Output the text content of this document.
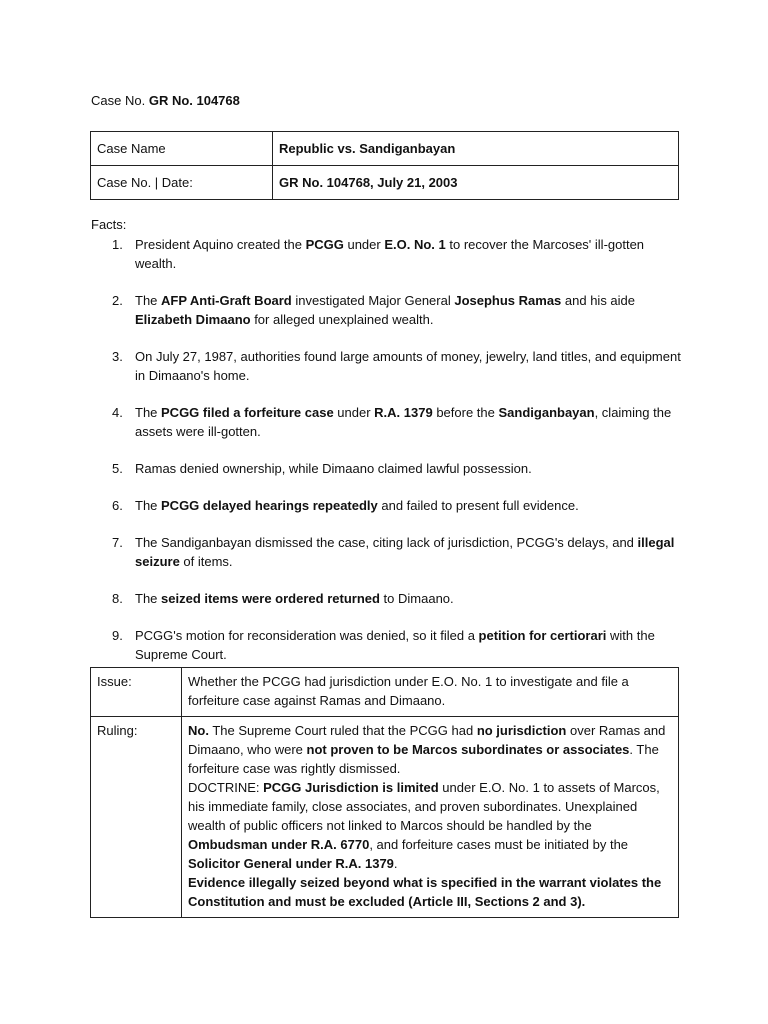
Case No. GR No. 104768
Case Name	Republic vs. Sandiganbayan
Case No. | Date:	GR No. 104768, July 21, 2003
Facts:
1. President Aquino created the PCGG under E.O. No. 1 to recover the Marcoses' ill-gotten wealth.
2. The AFP Anti-Graft Board investigated Major General Josephus Ramas and his aide Elizabeth Dimaano for alleged unexplained wealth.
3. On July 27, 1987, authorities found large amounts of money, jewelry, land titles, and equipment in Dimaano's home.
4. The PCGG filed a forfeiture case under R.A. 1379 before the Sandiganbayan, claiming the assets were ill-gotten.
5. Ramas denied ownership, while Dimaano claimed lawful possession.
6. The PCGG delayed hearings repeatedly and failed to present full evidence.
7. The Sandiganbayan dismissed the case, citing lack of jurisdiction, PCGG's delays, and illegal seizure of items.
8. The seized items were ordered returned to Dimaano.
9. PCGG's motion for reconsideration was denied, so it filed a petition for certiorari with the Supreme Court.
Issue:	Whether the PCGG had jurisdiction under E.O. No. 1 to investigate and file a forfeiture case against Ramas and Dimaano.
Ruling:	No. The Supreme Court ruled that the PCGG had no jurisdiction over Ramas and Dimaano, who were not proven to be Marcos subordinates or associates. The forfeiture case was rightly dismissed.
DOCTRINE: PCGG Jurisdiction is limited under E.O. No. 1 to assets of Marcos, his immediate family, close associates, and proven subordinates. Unexplained wealth of public officers not linked to Marcos should be handled by the Ombudsman under R.A. 6770, and forfeiture cases must be initiated by the Solicitor General under R.A. 1379.
Evidence illegally seized beyond what is specified in the warrant violates the Constitution and must be excluded (Article III, Sections 2 and 3).
